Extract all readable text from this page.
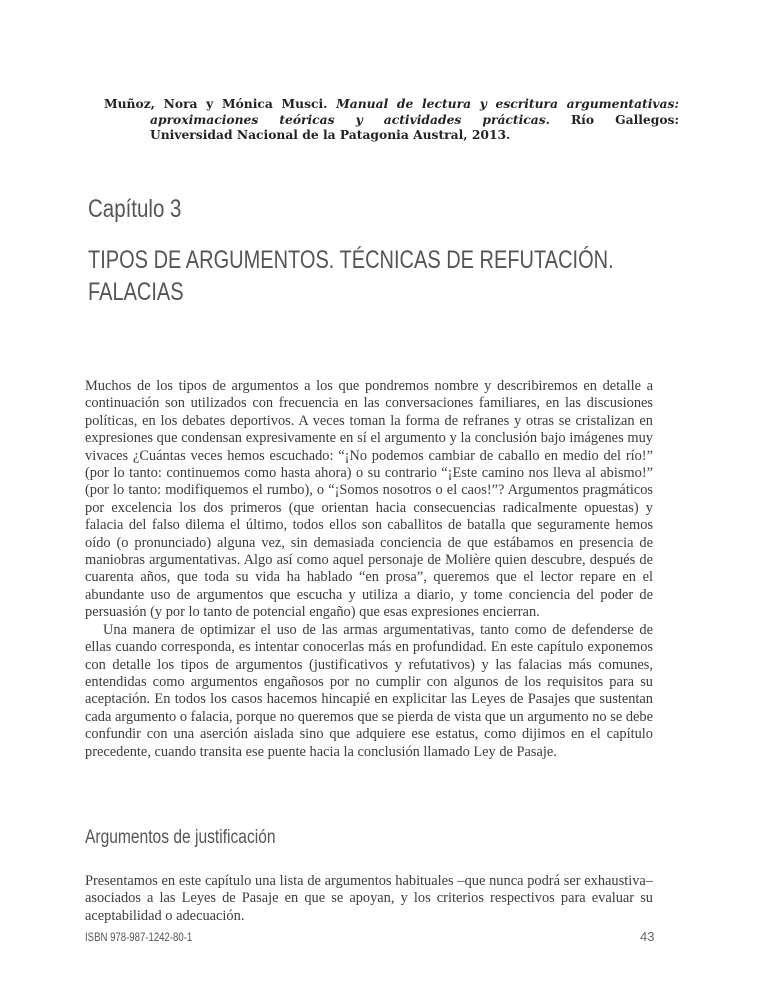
Muñoz, Nora y Mónica Musci. Manual de lectura y escritura argumentativas:
aproximaciones teóricas y actividades prácticas. Río Gallegos:
Universidad Nacional de la Patagonia Austral, 2013.
Capítulo 3
TIPOS DE ARGUMENTOS. TÉCNICAS DE REFUTACIÓN.
FALACIAS

Muchos de los tipos de argumentos a los que pondremos nombre y describiremos en detalle a continuación son utilizados con frecuencia en las conversaciones familiares, en las discusiones políticas, en los debates deportivos. A veces toman la forma de refranes y otras se cristalizan en expresiones que condensan expresivamente en sí el argumento y la conclusión bajo imágenes muy vivaces ¿Cuántas veces hemos escuchado: “¡No podemos cambiar de caballo en medio del río!” (por lo tanto: continuemos como hasta ahora) o su contrario “¡Este camino nos lleva al abismo!” (por lo tanto: modifiquemos el rumbo), o “¡Somos nosotros o el caos!”? Argumentos pragmáticos por excelencia los dos primeros (que orientan hacia consecuencias radicalmente opuestas) y falacia del falso dilema el último, todos ellos son caballitos de batalla que seguramente hemos oído (o pronunciado) alguna vez, sin demasiada conciencia de que estábamos en presencia de maniobras argumentativas. Algo así como aquel personaje de Molière quien descubre, después de cuarenta años, que toda su vida ha hablado “en prosa”, queremos que el lector repare en el abundante uso de argumentos que escucha y utiliza a diario, y tome conciencia del poder de persuasión (y por lo tanto de potencial engaño) que esas expresiones encierran.

Una manera de optimizar el uso de las armas argumentativas, tanto como de defenderse de ellas cuando corresponda, es intentar conocerlas más en profundidad. En este capítulo exponemos con detalle los tipos de argumentos (justificativos y refutativos) y las falacias más comunes, entendidas como argumentos engañosos por no cumplir con algunos de los requisitos para su aceptación. En todos los casos hacemos hincapié en explicitar las Leyes de Pasajes que sustentan cada argumento o falacia, porque no queremos que se pierda de vista que un argumento no se debe confundir con una aserción aislada sino que adquiere ese estatus, como dijimos en el capítulo precedente, cuando transita ese puente hacia la conclusión llamado Ley de Pasaje.

Argumentos de justificación

Presentamos en este capítulo una lista de argumentos habituales –que nunca podrá ser exhaustiva– asociados a las Leyes de Pasaje en que se apoyan, y los criterios respectivos para evaluar su aceptabilidad o adecuación.

ISBN 978-987-1242-80-1	43
